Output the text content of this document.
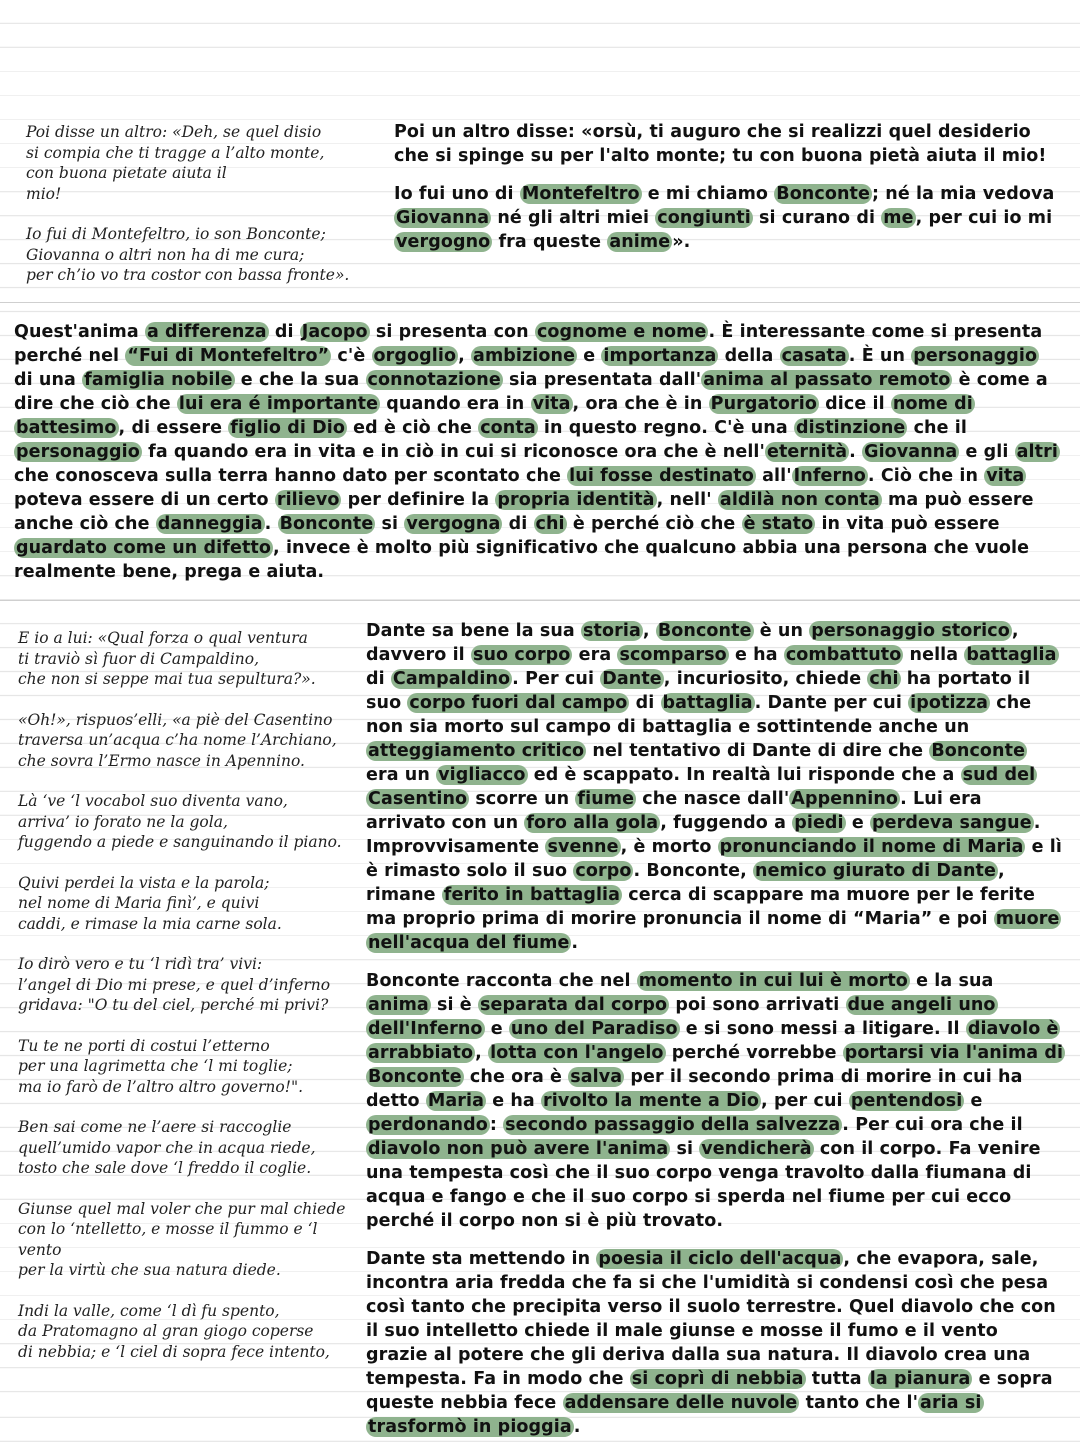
Poi disse un altro: «Deh, se quel disio
si compia che ti tragge a l’alto monte,
con buona pietate aiuta il
mio!

Io fui di Montefeltro, io son Bonconte;
Giovanna o altri non ha di me cura;
per ch’io vo tra costor con bassa fronte».

Poi un altro disse: «orsù, ti auguro che si realizzi quel desiderio che si spinge su per l'alto monte; tu con buona pietà aiuta il mio!

Io fui uno di Montefeltro e mi chiamo Bonconte ; né la mia vedova Giovanna né gli altri miei congiunti si curano di me , per cui io mi vergogno fra queste anime ».

Quest'anima a differenza di Jacopo si presenta con cognome e nome . È interessante come si presenta perché nel “Fui di Montefeltro” c'è orgoglio , ambizione e importanza della casata . È un personaggio di una famiglia nobile e che la sua connotazione sia presentata dall' anima al passato remoto è come a dire che ciò che lui era é importante quando era in vita , ora che è in Purgatorio dice il nome di battesimo , di essere figlio di Dio ed è ciò che conta in questo regno. C'è una distinzione che il personaggio fa quando era in vita e in ciò in cui si riconosce ora che è nell' eternità . Giovanna e gli altri che conosceva sulla terra hanno dato per scontato che lui fosse destinato all' Inferno . Ciò che in vita poteva essere di un certo rilievo per definire la propria identità , nell' aldilà non conta ma può essere anche ciò che danneggia . Bonconte si vergogna di chi è perché ciò che è stato in vita può essere guardato come un difetto , invece è molto più significativo che qualcuno abbia una persona che vuole realmente bene, prega e aiuta.

E io a lui: «Qual forza o qual ventura
ti traviò sì fuor di Campaldino,
che non si seppe mai tua sepultura?».

«Oh!», rispuos’elli, «a piè del Casentino
traversa un’acqua c’ha nome l’Archiano,
che sovra l’Ermo nasce in Apennino.

Là ‘ve ‘l vocabol suo diventa vano,
arriva’ io forato ne la gola,
fuggendo a piede e sanguinando il piano.

Quivi perdei la vista e la parola;
nel nome di Maria finì’, e quivi
caddi, e rimase la mia carne sola.

Io dirò vero e tu ‘l ridì tra’ vivi:
l’angel di Dio mi prese, e quel d’inferno
gridava: "O tu del ciel, perché mi privi?

Tu te ne porti di costui l’etterno
per una lagrimetta che ‘l mi toglie;
ma io farò de l’altro altro governo!".

Ben sai come ne l’aere si raccoglie
quell’umido vapor che in acqua riede,
tosto che sale dove ‘l freddo il coglie.

Giunse quel mal voler che pur mal chiede
con lo ‘ntelletto, e mosse il fummo e ‘l vento
per la virtù che sua natura diede.

Indi la valle, come ‘l dì fu spento,
da Pratomagno al gran giogo coperse
di nebbia; e ‘l ciel di sopra fece intento,

Dante sa bene la sua storia , Bonconte è un personaggio storico , davvero il suo corpo era scomparso e ha combattuto nella battaglia di Campaldino . Per cui Dante , incuriosito, chiede chi ha portato il suo corpo fuori dal campo di battaglia . Dante per cui ipotizza che non sia morto sul campo di battaglia e sottintende anche un atteggiamento critico nel tentativo di Dante di dire che Bonconte era un vigliacco ed è scappato. In realtà lui risponde che a sud del Casentino scorre un fiume che nasce dall' Appennino . Lui era arrivato con un foro alla gola , fuggendo a piedi e perdeva sangue . Improvvisamente svenne , è morto pronunciando il nome di Maria e lì è rimasto solo il suo corpo . Bonconte, nemico giurato di Dante , rimane ferito in battaglia cerca di scappare ma muore per le ferite ma proprio prima di morire pronuncia il nome di “Maria” e poi muore nell'acqua del fiume .

Bonconte racconta che nel momento in cui lui è morto e la sua anima si è separata dal corpo poi sono arrivati due angeli uno dell'Inferno e uno del Paradiso e si sono messi a litigare. Il diavolo è arrabbiato , lotta con l'angelo perché vorrebbe portarsi via l'anima di Bonconte che ora è salva per il secondo prima di morire in cui ha detto Maria e ha rivolto la mente a Dio , per cui pentendosi e perdonando : secondo passaggio della salvezza . Per cui ora che il diavolo non può avere l'anima si vendicherà con il corpo. Fa venire una tempesta così che il suo corpo venga travolto dalla fiumana di acqua e fango e che il suo corpo si sperda nel fiume per cui ecco perché il corpo non si è più trovato.

Dante sta mettendo in poesia il ciclo dell'acqua , che evapora, sale, incontra aria fredda che fa si che l'umidità si condensi così che pesa così tanto che precipita verso il suolo terrestre. Quel diavolo che con il suo intelletto chiede il male giunse e mosse il fumo e il vento grazie al potere che gli deriva dalla sua natura. Il diavolo crea una tempesta. Fa in modo che si coprì di nebbia tutta la pianura e sopra queste nebbia fece addensare delle nuvole tanto che l' aria si trasformò in pioggia .
